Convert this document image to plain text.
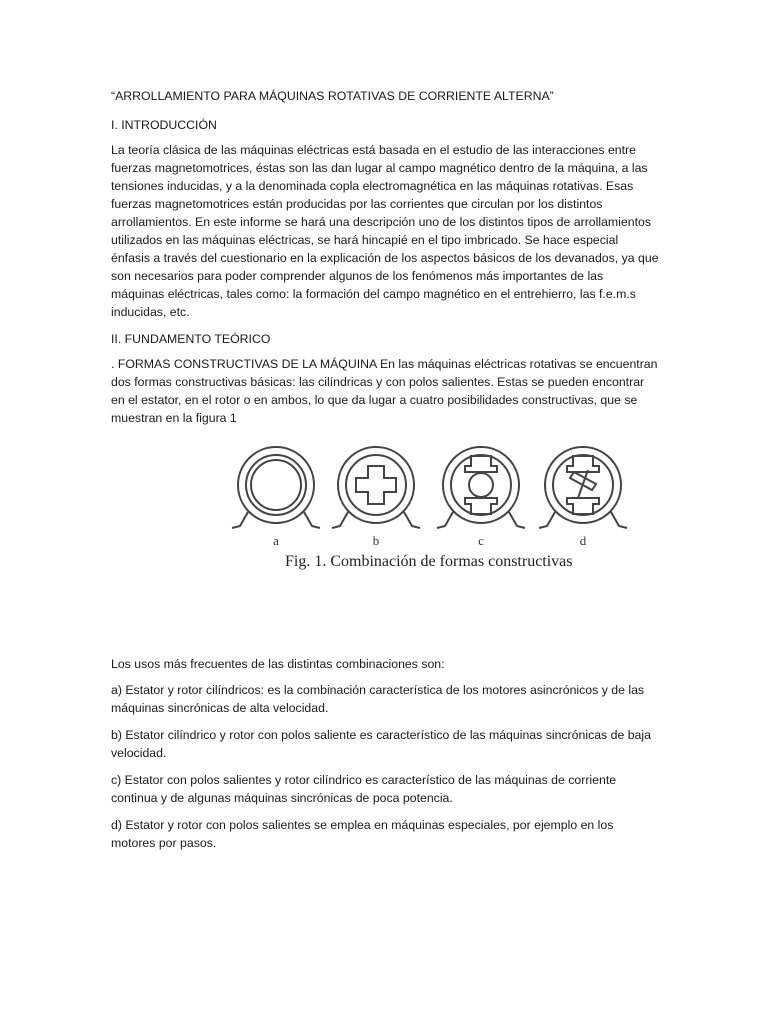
“ARROLLAMIENTO PARA MÁQUINAS ROTATIVAS DE CORRIENTE ALTERNA”
I. INTRODUCCIÓN
La teoría clásica de las máquinas eléctricas está basada en el estudio de las interacciones entre fuerzas magnetomotrices, éstas son las dan lugar al campo magnético dentro de la máquina, a las tensiones inducidas, y a la denominada copla electromagnética en las máquinas rotativas. Esas fuerzas magnetomotrices están producidas por las corrientes que circulan por los distintos arrollamientos. En este informe se hará una descripción uno de los distintos tipos de arrollamientos utilizados en las máquinas eléctricas, se hará hincapié en el tipo imbricado. Se hace especial énfasis a través del cuestionario en la explicación de los aspectos básicos de los devanados, ya que son necesarios para poder comprender algunos de los fenómenos más importantes de las máquinas eléctricas, tales como: la formación del campo magnético en el entrehierro, las f.e.m.s inducidas, etc.
II. FUNDAMENTO TEÓRICO
. FORMAS CONSTRUCTIVAS DE LA MÁQUINA En las máquinas eléctricas rotativas se encuentran dos formas constructivas básicas: las cilíndricas y con polos salientes. Estas se pueden encontrar en el estator, en el rotor o en ambos, lo que da lugar a cuatro posibilidades constructivas, que se muestran en la figura 1
a	b	c	d
Fig. 1. Combinación de formas constructivas
Los usos más frecuentes de las distintas combinaciones son:
a) Estator y rotor cilíndricos: es la combinación característica de los motores asincrónicos y de las máquinas sincrónicas de alta velocidad.
b) Estator cilíndrico y rotor con polos saliente es característico de las máquinas sincrónicas de baja velocidad.
c) Estator con polos salientes y rotor cilíndrico es característico de las máquinas de corriente continua y de algunas máquinas sincrónicas de poca potencia.
d) Estator y rotor con polos salientes se emplea en máquinas especiales, por ejemplo en los motores por pasos.
